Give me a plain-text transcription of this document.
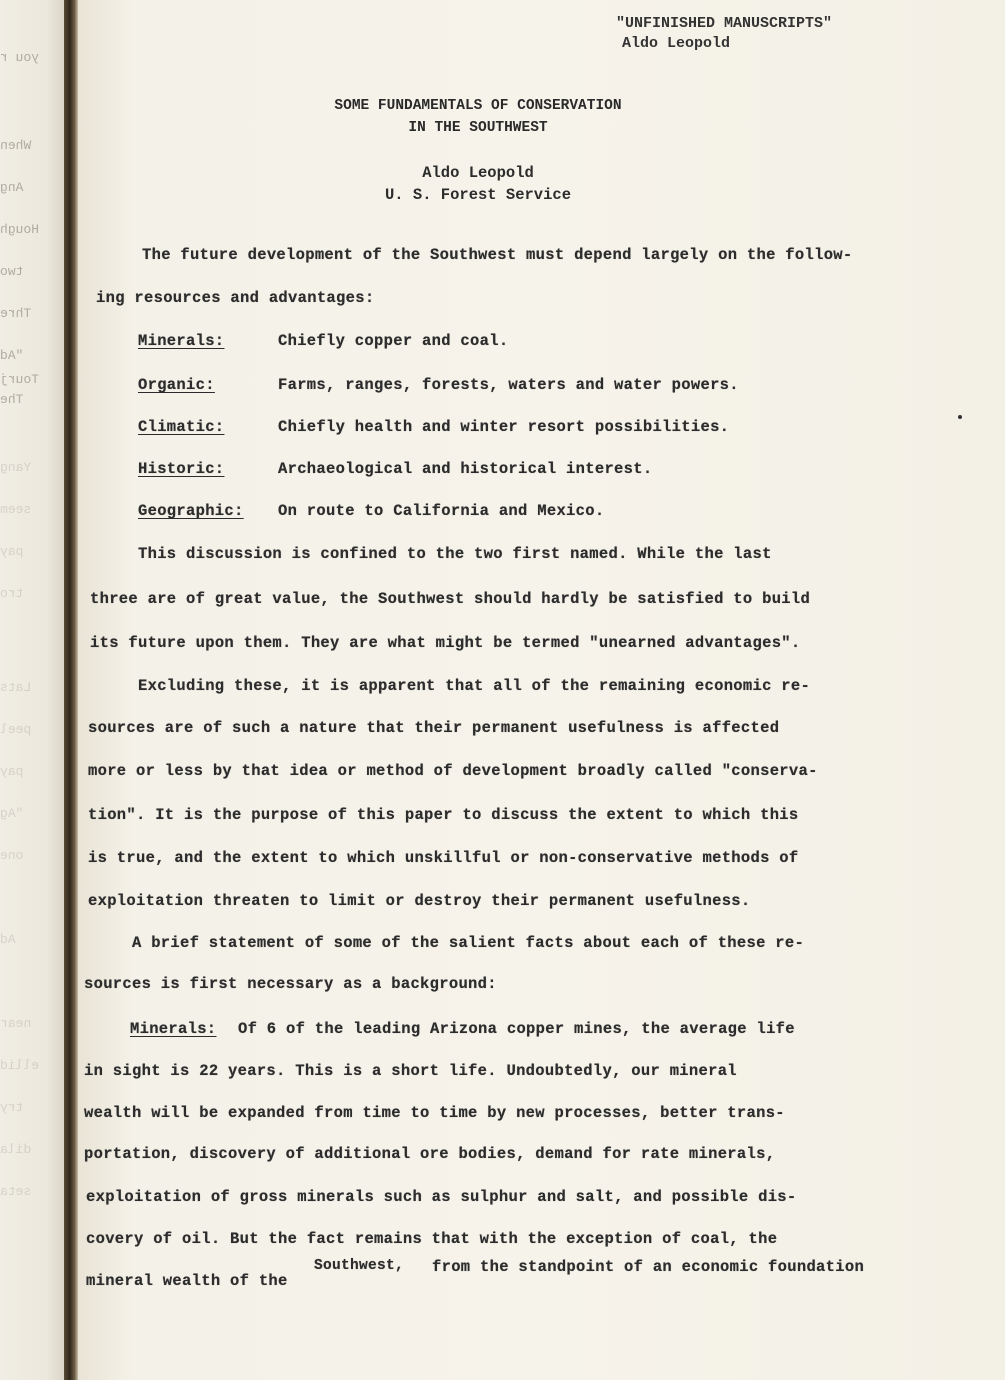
you r
When
Ang
Hough
two
Thre
"Ad
Tourj
The
Yang
seem
pay
tro
Lats
peel
pay
"Ag
one
Ad
near
ellid
try
dila
seta
"UNFINISHED MANUSCRIPTS"
Aldo Leopold
SOME FUNDAMENTALS OF CONSERVATION
IN THE SOUTHWEST
Aldo Leopold
U. S. Forest Service
The future development of the Southwest must depend largely on the follow-
ing resources and advantages:
Minerals:	Chiefly copper and coal.
Organic:	Farms, ranges, forests, waters and water powers.
Climatic:	Chiefly health and winter resort possibilities.
Historic:	Archaeological and historical interest.
Geographic: On route to California and Mexico.
This discussion is confined to the two first named. While the last
three are of great value, the Southwest should hardly be satisfied to build
its future upon them. They are what might be termed "unearned advantages".
Excluding these, it is apparent that all of the remaining economic re-
sources are of such a nature that their permanent usefulness is affected
more or less by that idea or method of development broadly called "conserva-
tion". It is the purpose of this paper to discuss the extent to which this
is true, and the extent to which unskillful or non-conservative methods of
exploitation threaten to limit or destroy their permanent usefulness.
A brief statement of some of the salient facts about each of these re-
sources is first necessary as a background:
Minerals: Of 6 of the leading Arizona copper mines, the average life
in sight is 22 years. This is a short life. Undoubtedly, our mineral
wealth will be expanded from time to time by new processes, better trans-
portation, discovery of additional ore bodies, demand for rate minerals,
exploitation of gross minerals such as sulphur and salt, and possible dis-
covery of oil. But the fact remains that with the exception of coal, the
mineral wealth of the
Southwest, from the standpoint of an economic foundation
